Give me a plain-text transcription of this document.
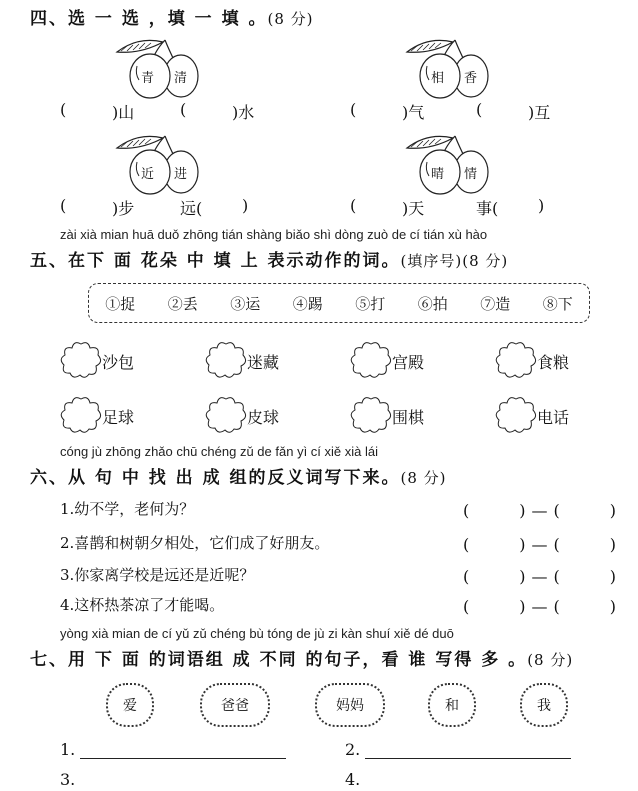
四、选 一 选 ，填 一 填 。(8 分)
青 清
(	)山	(	)水
相 香
(	)气	(	)互
近 进
(	)步	远( )
晴 情
(	)天	事( )
zài xià mian huā duǒ zhōng tián shàng biǎo shì dòng zuò de cí tián xù hào
五、在下 面 花朵 中 填 上 表示动作的词。(填序号)(8 分)
①捉 ②丢 ③运 ④踢 ⑤打 ⑥拍 ⑦造 ⑧下
沙包	迷藏	宫殿	食粮
足球	皮球	围棋	电话
cóng jù zhōng zhǎo chū chéng zǔ de fǎn yì cí xiě xià lái
六、从 句 中 找 出 成 组的反义词写下来。(8 分)
1.幼不学，老何为？	(　　)—(　　)
2.喜鹊和树朝夕相处，它们成了好朋友。	(　　)—(　　)
3.你家离学校是远还是近呢？	(　　)—(　　)
4.这杯热茶凉了才能喝。	(　　)—(　　)
yòng xià mian de cí yǔ zǔ chéng bù tóng de jù zi kàn shuí xiě dé duō
七、用 下 面 的词语组 成 不同 的句子，看 谁 写得 多 。(8 分)
爱	爸爸	妈妈	和	我
1.	2.
3.	4.
